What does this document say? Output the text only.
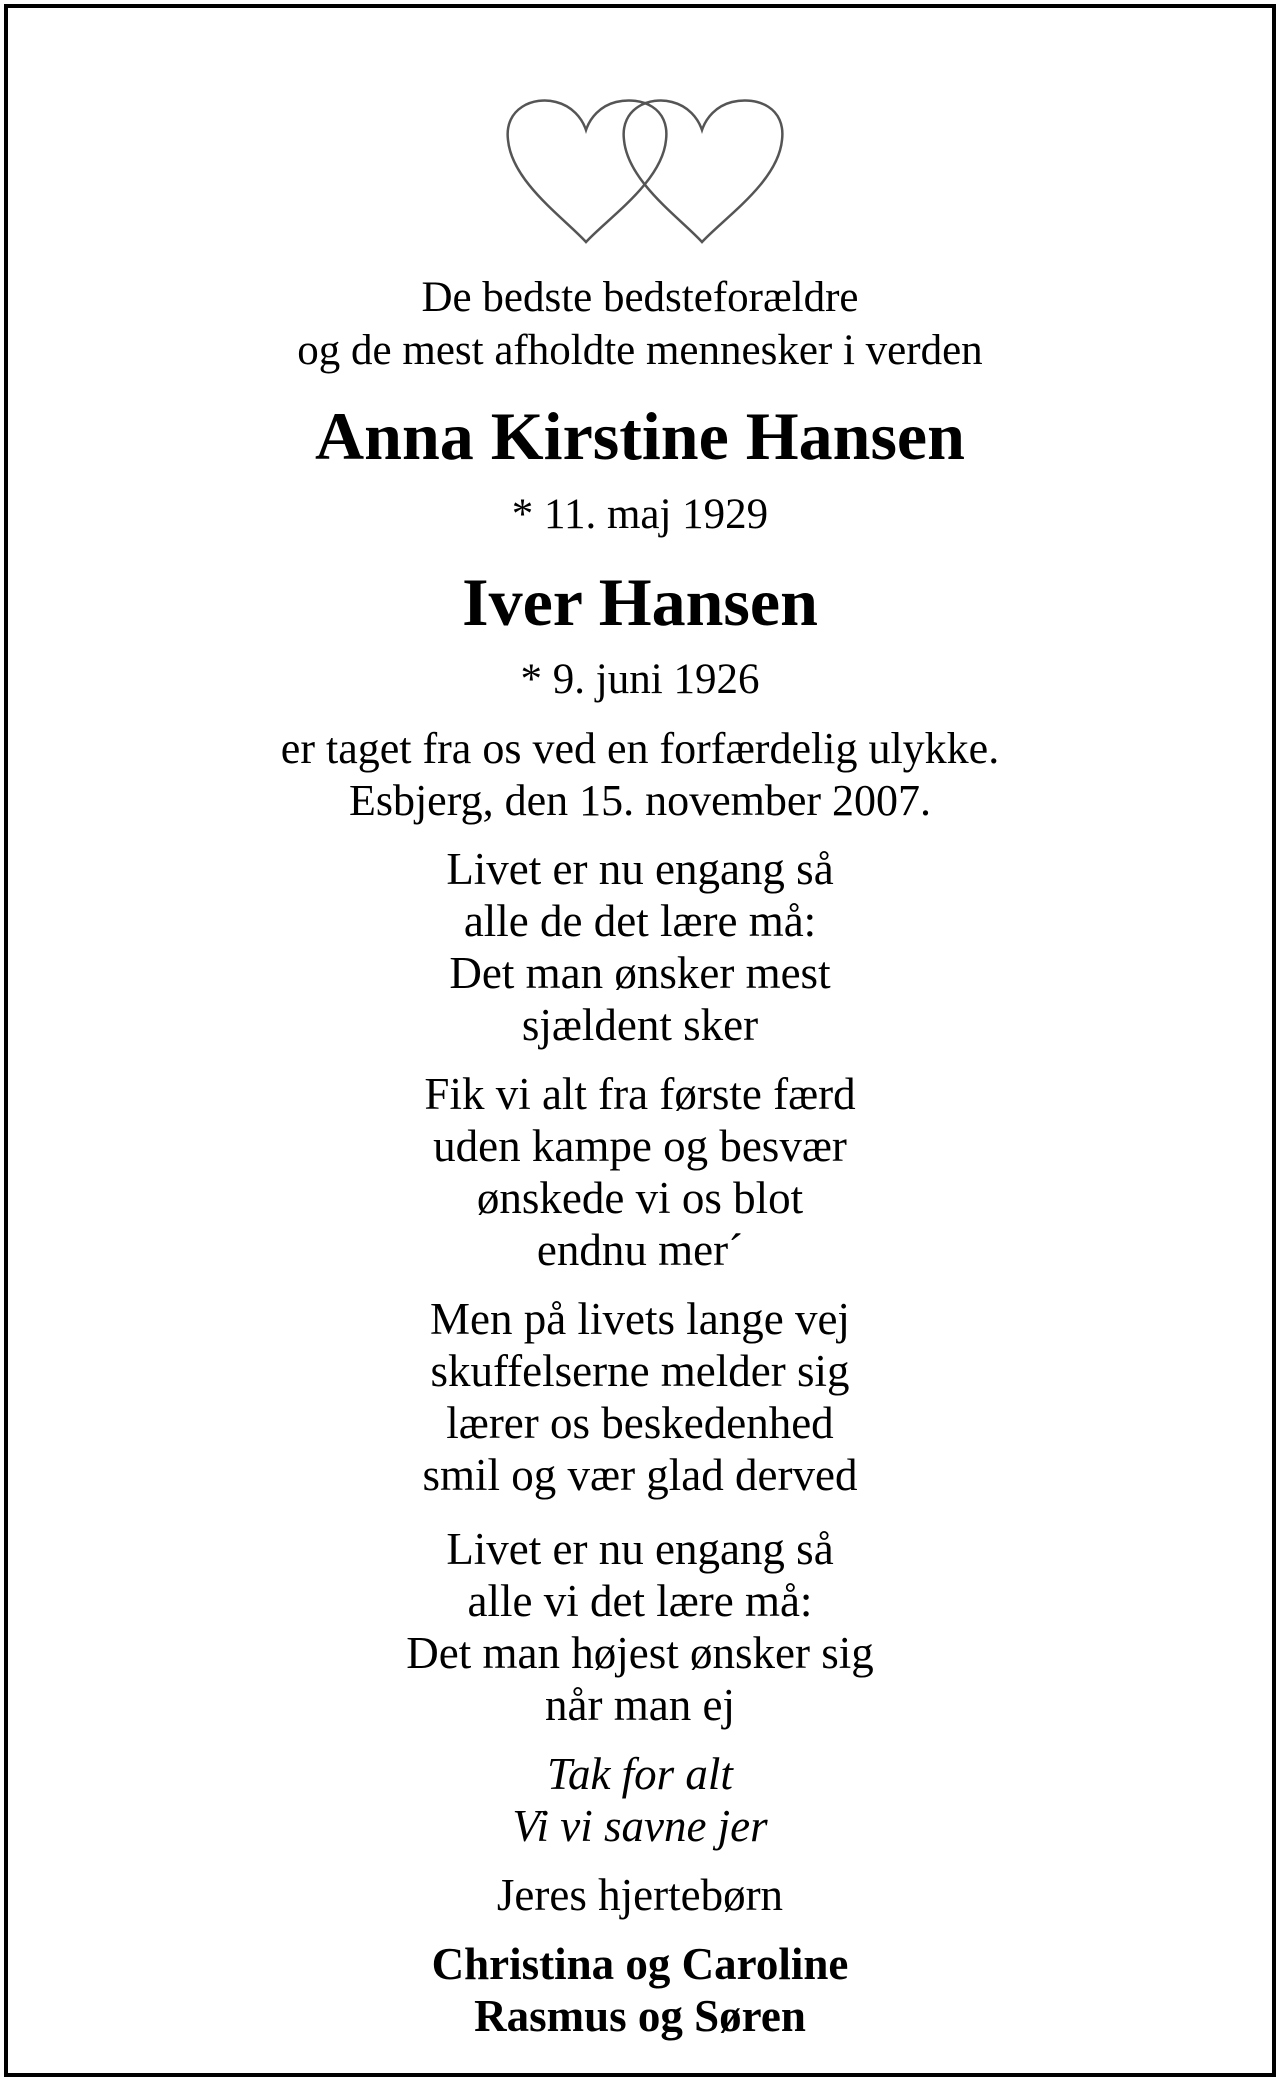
De bedste bedsteforældre
og de mest afholdte mennesker i verden
Anna Kirstine Hansen
* 11. maj 1929
Iver Hansen
* 9. juni 1926
er taget fra os ved en forfærdelig ulykke.
Esbjerg, den 15. november 2007.
Livet er nu engang så
alle de det lære må:
Det man ønsker mest
sjældent sker
Fik vi alt fra første færd
uden kampe og besvær
ønskede vi os blot
endnu mer´
Men på livets lange vej
skuffelserne melder sig
lærer os beskedenhed
smil og vær glad derved
Livet er nu engang så
alle vi det lære må:
Det man højest ønsker sig
når man ej
Tak for alt
Vi vi savne jer
Jeres hjertebørn
Christina og Caroline
Rasmus og Søren
